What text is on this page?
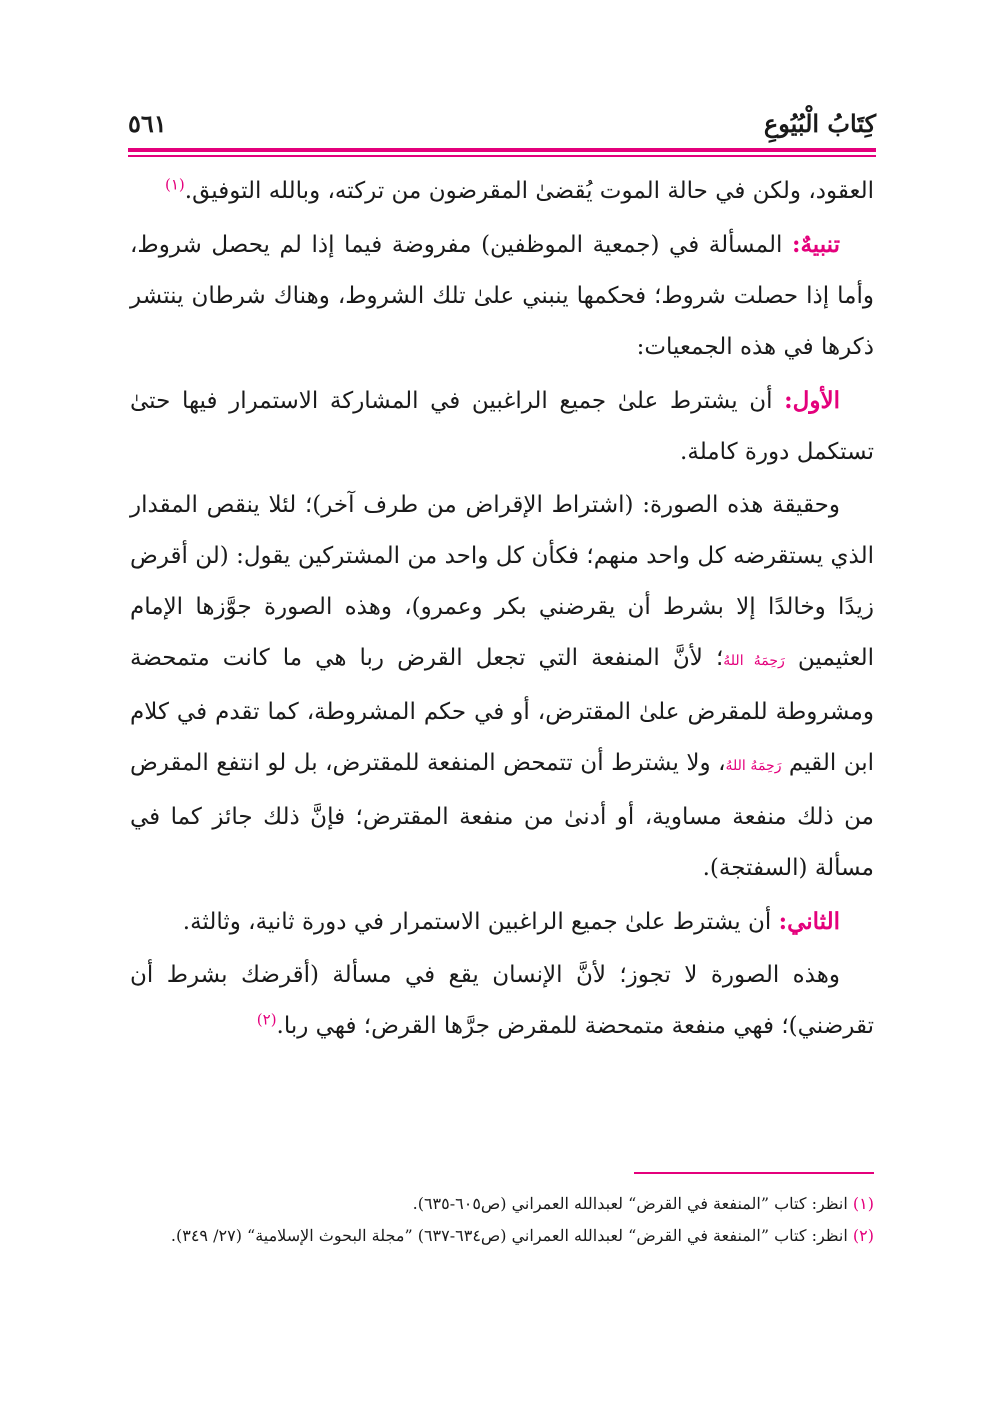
كِتَابُ الْبُيُوعِ
٥٦١

العقود، ولكن في حالة الموت يُقضىٰ المقرضون من تركته، وبالله التوفيق.$^{(١)}$

تنبيهٌ: المسألة في (جمعية الموظفين) مفروضة فيما إذا لم يحصل شروط، وأما إذا حصلت شروط؛ فحكمها ينبني علىٰ تلك الشروط، وهناك شرطان ينتشر ذكرها في هذه الجمعيات:

الأول: أن يشترط علىٰ جميع الراغبين في المشاركة الاستمرار فيها حتىٰ تستكمل دورة كاملة.

وحقيقة هذه الصورة: (اشتراط الإقراض من طرف آخر)؛ لئلا ينقص المقدار الذي يستقرضه كل واحد منهم؛ فكأن كل واحد من المشتركين يقول: (لن أقرض زيدًا وخالدًا إلا بشرط أن يقرضني بكر وعمرو)، وهذه الصورة جوَّزها الإمام العثيمين رَحِمَهُ اللهُ؛ لأنَّ المنفعة التي تجعل القرض ربا هي ما كانت متمحضة ومشروطة للمقرض علىٰ المقترض، أو في حكم المشروطة، كما تقدم في كلام ابن القيم رَحِمَهُ اللهُ، ولا يشترط أن تتمحض المنفعة للمقترض، بل لو انتفع المقرض من ذلك منفعة مساوية، أو أدنىٰ من منفعة المقترض؛ فإنَّ ذلك جائز كما في مسألة (السفتجة).

الثاني: أن يشترط علىٰ جميع الراغبين الاستمرار في دورة ثانية، وثالثة.

وهذه الصورة لا تجوز؛ لأنَّ الإنسان يقع في مسألة (أقرضك بشرط أن تقرضني)؛ فهي منفعة متمحضة للمقرض جرَّها القرض؛ فهي ربا.$^{(٢)}$

(١) انظر: كتاب ”المنفعة في القرض“ لعبدالله العمراني (ص٦٠٥-٦٣٥).

(٢) انظر: كتاب ”المنفعة في القرض“ لعبدالله العمراني (ص٦٣٤-٦٣٧) ”مجلة البحوث الإسلامية“ (٢٧/ ٣٤٩).
